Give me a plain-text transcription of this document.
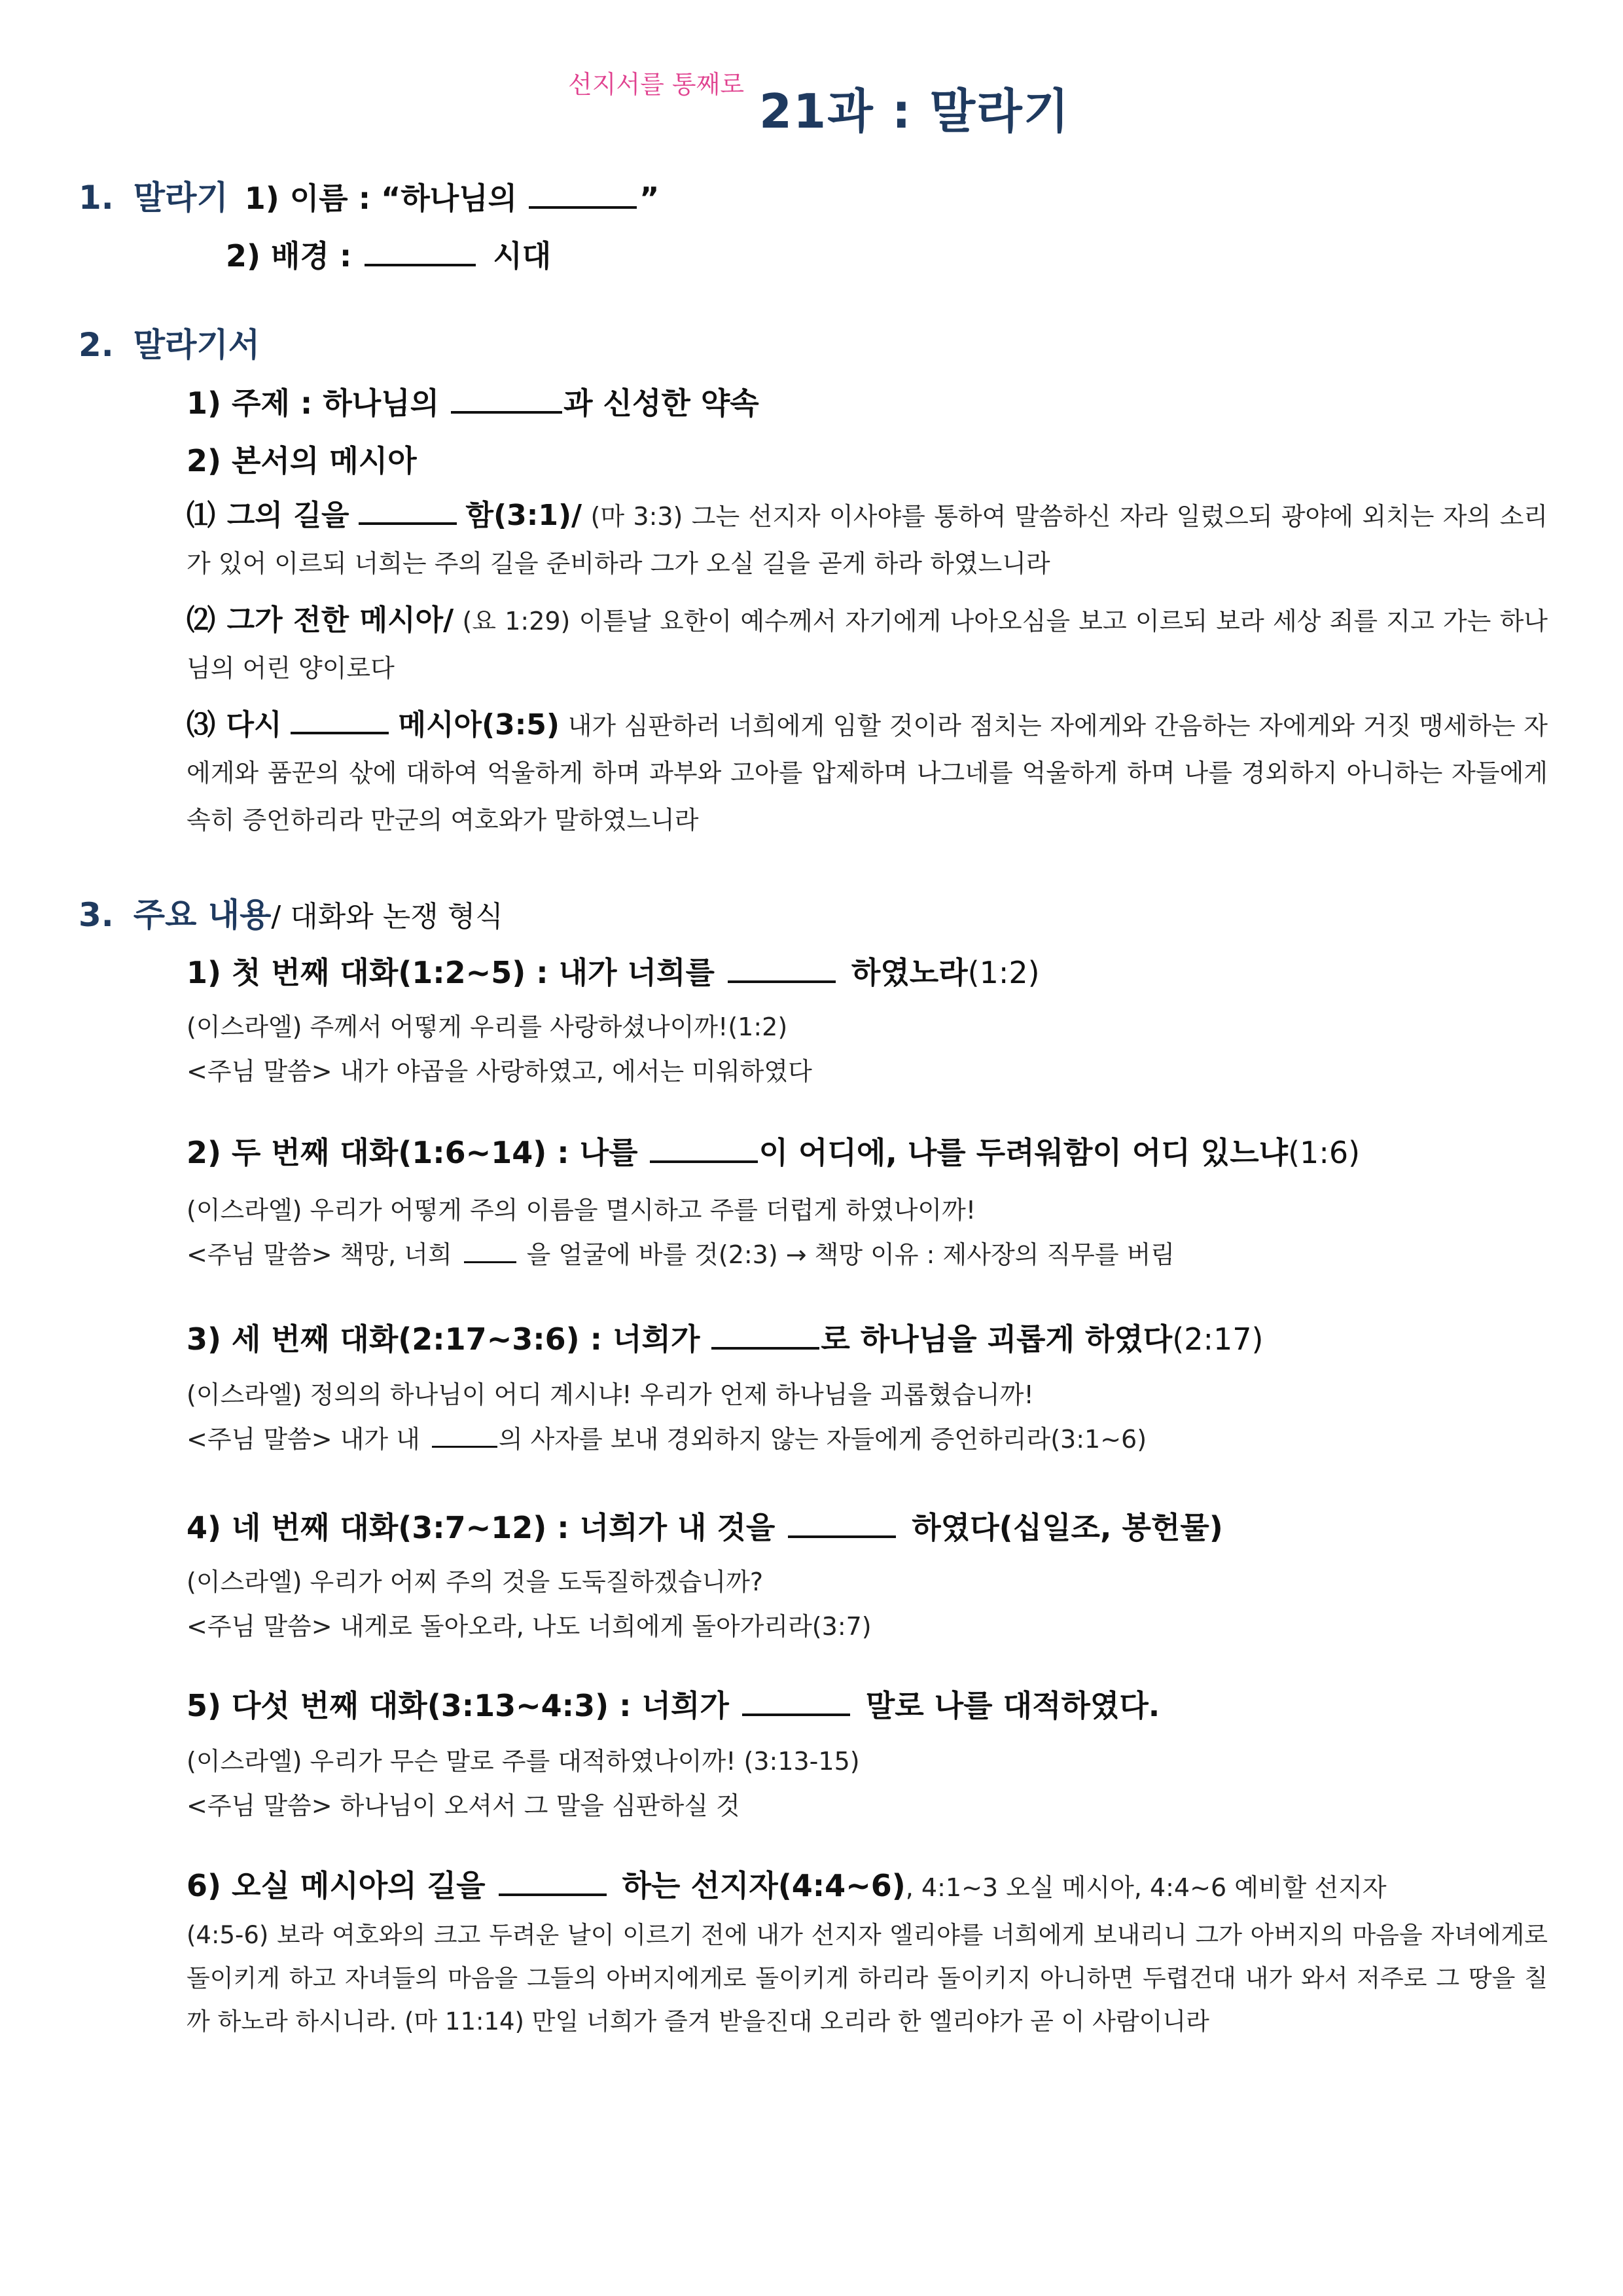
선지서를 통째로 21과 : 말라기
1. 말라기 1) 이름 : “하나님의	”
2) 배경 :	시대
2. 말라기서
1) 주제 : 하나님의	과 신성한 약속
2) 본서의 메시아
⑴ 그의 길을	함(3:1)/ (마 3:3) 그는 선지자 이사야를 통하여 말씀하신 자라 일렀으되 광야에 외치는 자의 소리가 있어 이르되 너희는 주의 길을 준비하라 그가 오실 길을 곧게 하라 하였느니라
⑵ 그가 전한 메시아/ (요 1:29) 이튿날 요한이 예수께서 자기에게 나아오심을 보고 이르되 보라 세상 죄를 지고 가는 하나님의 어린 양이로다
⑶ 다시	메시아(3:5) 내가 심판하러 너희에게 임할 것이라 점치는 자에게와 간음하는 자에게와 거짓 맹세하는 자에게와 품꾼의 삯에 대하여 억울하게 하며 과부와 고아를 압제하며 나그네를 억울하게 하며 나를 경외하지 아니하는 자들에게 속히 증언하리라 만군의 여호와가 말하였느니라
3. 주요 내용/ 대화와 논쟁 형식
1) 첫 번째 대화(1:2~5) : 내가 너희를	하였노라(1:2)
(이스라엘) 주께서 어떻게 우리를 사랑하셨나이까!(1:2)
<주님 말씀> 내가 야곱을 사랑하였고, 에서는 미워하였다
2) 두 번째 대화(1:6~14) : 나를	이 어디에, 나를 두려워함이 어디 있느냐(1:6)
(이스라엘) 우리가 어떻게 주의 이름을 멸시하고 주를 더럽게 하였나이까!
<주님 말씀> 책망, 너희	을 얼굴에 바를 것(2:3) → 책망 이유 : 제사장의 직무를 버림
3) 세 번째 대화(2:17~3:6) : 너희가	로 하나님을 괴롭게 하였다(2:17)
(이스라엘) 정의의 하나님이 어디 계시냐! 우리가 언제 하나님을 괴롭혔습니까!
<주님 말씀> 내가 내	의 사자를 보내 경외하지 않는 자들에게 증언하리라(3:1~6)
4) 네 번째 대화(3:7~12) : 너희가 내 것을	하였다(십일조, 봉헌물)
(이스라엘) 우리가 어찌 주의 것을 도둑질하겠습니까?
<주님 말씀> 내게로 돌아오라, 나도 너희에게 돌아가리라(3:7)
5) 다섯 번째 대화(3:13~4:3) : 너희가	말로 나를 대적하였다.
(이스라엘) 우리가 무슨 말로 주를 대적하였나이까! (3:13-15)
<주님 말씀> 하나님이 오셔서 그 말을 심판하실 것
6) 오실 메시아의 길을	하는 선지자(4:4~6), 4:1~3 오실 메시아, 4:4~6 예비할 선지자
(4:5-6) 보라 여호와의 크고 두려운 날이 이르기 전에 내가 선지자 엘리야를 너희에게 보내리니 그가 아버지의 마음을 자녀에게로 돌이키게 하고 자녀들의 마음을 그들의 아버지에게로 돌이키게 하리라 돌이키지 아니하면 두렵건대 내가 와서 저주로 그 땅을 칠까 하노라 하시니라. (마 11:14) 만일 너희가 즐겨 받을진대 오리라 한 엘리야가 곧 이 사람이니라
